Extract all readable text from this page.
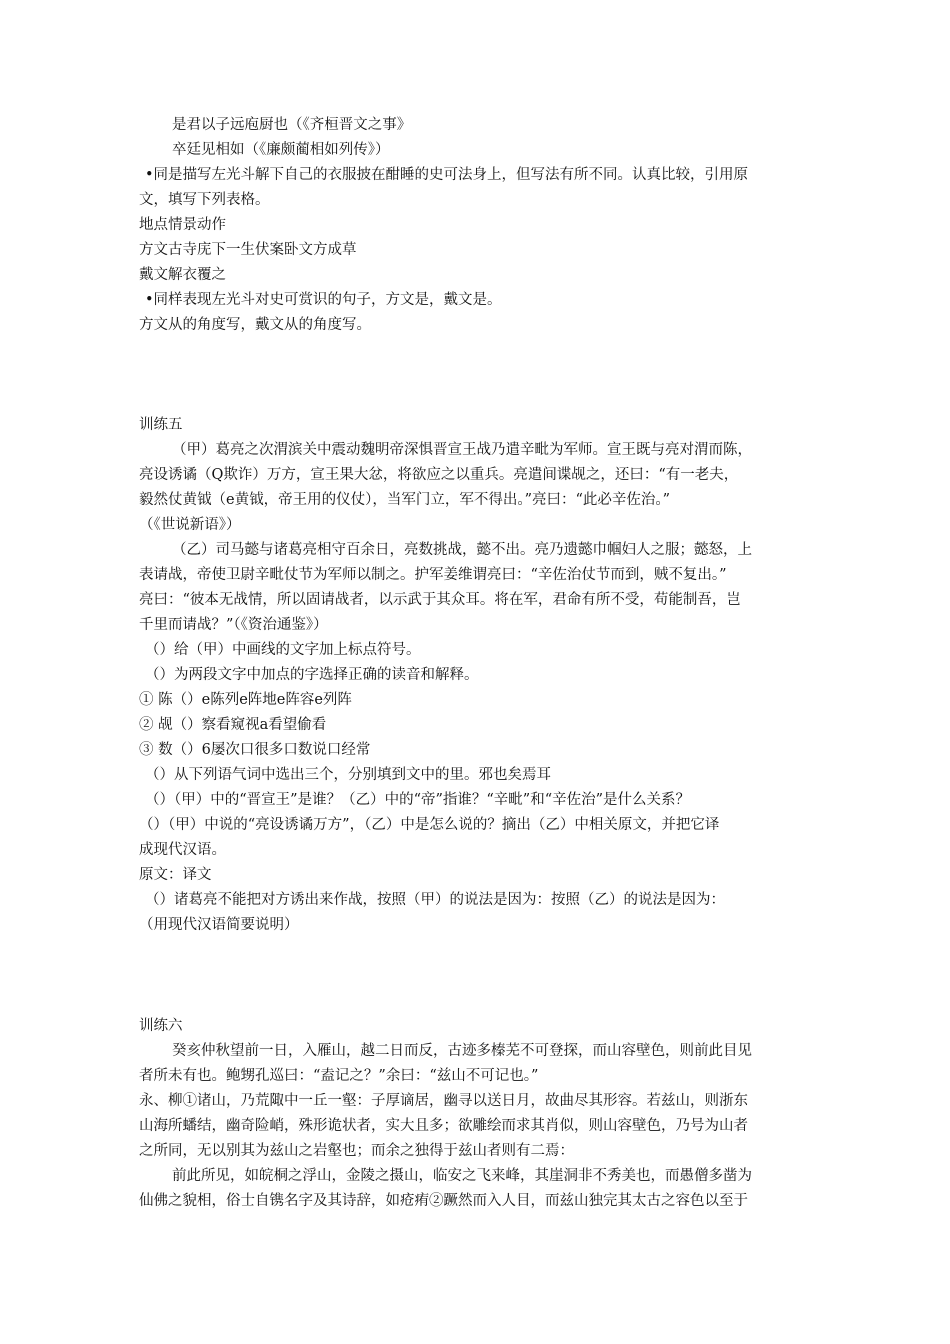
是君以子远庖厨也（《齐桓晋文之事》
卒廷见相如（《廉颇蔺相如列传》）
•同是描写左光斗解下自己的衣服披在酣睡的史可法身上，但写法有所不同。认真比较，引用原
文，填写下列表格。
地点情景动作
方文古寺庑下一生伏案卧文方成草
戴文解衣覆之
•同样表现左光斗对史可赏识的句子，方文是，戴文是。
方文从的角度写，戴文从的角度写。
训练五
（甲）葛亮之次渭滨关中震动魏明帝深惧晋宣王战乃遣辛毗为军师。宣王既与亮对渭而陈，
亮设诱谲（Q欺诈）万方，宣王果大忿，将欲应之以重兵。亮遣间谍觇之，还曰：“有一老夫，
毅然仗黄钺（e黄钺，帝王用的仪仗），当军门立，军不得出。”亮曰：“此必辛佐治。”
（《世说新语》）
（乙）司马懿与诸葛亮相守百余日，亮数挑战，懿不出。亮乃遗懿巾帼妇人之服；懿怒，上
表请战，帝使卫尉辛毗仗节为军师以制之。护军姜维谓亮曰：“辛佐治仗节而到，贼不复出。”
亮曰：“彼本无战情，所以固请战者，以示武于其众耳。将在军，君命有所不受，苟能制吾，岂
千里而请战？”（《资治通鉴》）
（）给（甲）中画线的文字加上标点符号。
（）为两段文字中加点的字选择正确的读音和解释。
① 陈（）e陈列e阵地e阵容e列阵
② 觇（）察看窥视a看望偷看
③ 数（）6屡次口很多口数说口经常
（）从下列语气词中选出三个，分别填到文中的里。邪也矣焉耳
（）（甲）中的“晋宣王”是谁？（乙）中的“帝”指谁？“辛毗”和“辛佐治”是什么关系？
（）（甲）中说的“亮设诱谲万方”，（乙）中是怎么说的？摘出（乙）中相关原文，并把它译
成现代汉语。
原文：译文
（）诸葛亮不能把对方诱出来作战，按照（甲）的说法是因为：按照（乙）的说法是因为：
（用现代汉语简要说明）
训练六
癸亥仲秋望前一日，入雁山，越二日而反，古迹多榛芜不可登探，而山容壁色，则前此目见
者所未有也。鲍甥孔巡曰：“盍记之？”余曰：“兹山不可记也。”
永、柳①诸山，乃荒陬中一丘一壑：子厚谪居，幽寻以送日月，故曲尽其形容。若兹山，则浙东
山海所蟠结，幽奇险峭，殊形诡状者，实大且多；欲雕绘而求其肖似，则山容壁色，乃号为山者
之所同，无以别其为兹山之岩壑也；而余之独得于兹山者则有二焉：
前此所见，如皖桐之浮山，金陵之摄山，临安之飞来峰，其崖洞非不秀美也，而愚僧多凿为
仙佛之貌相，俗士自镌名字及其诗辞，如疮痏②蹶然而入人目，而兹山独完其太古之容色以至于
